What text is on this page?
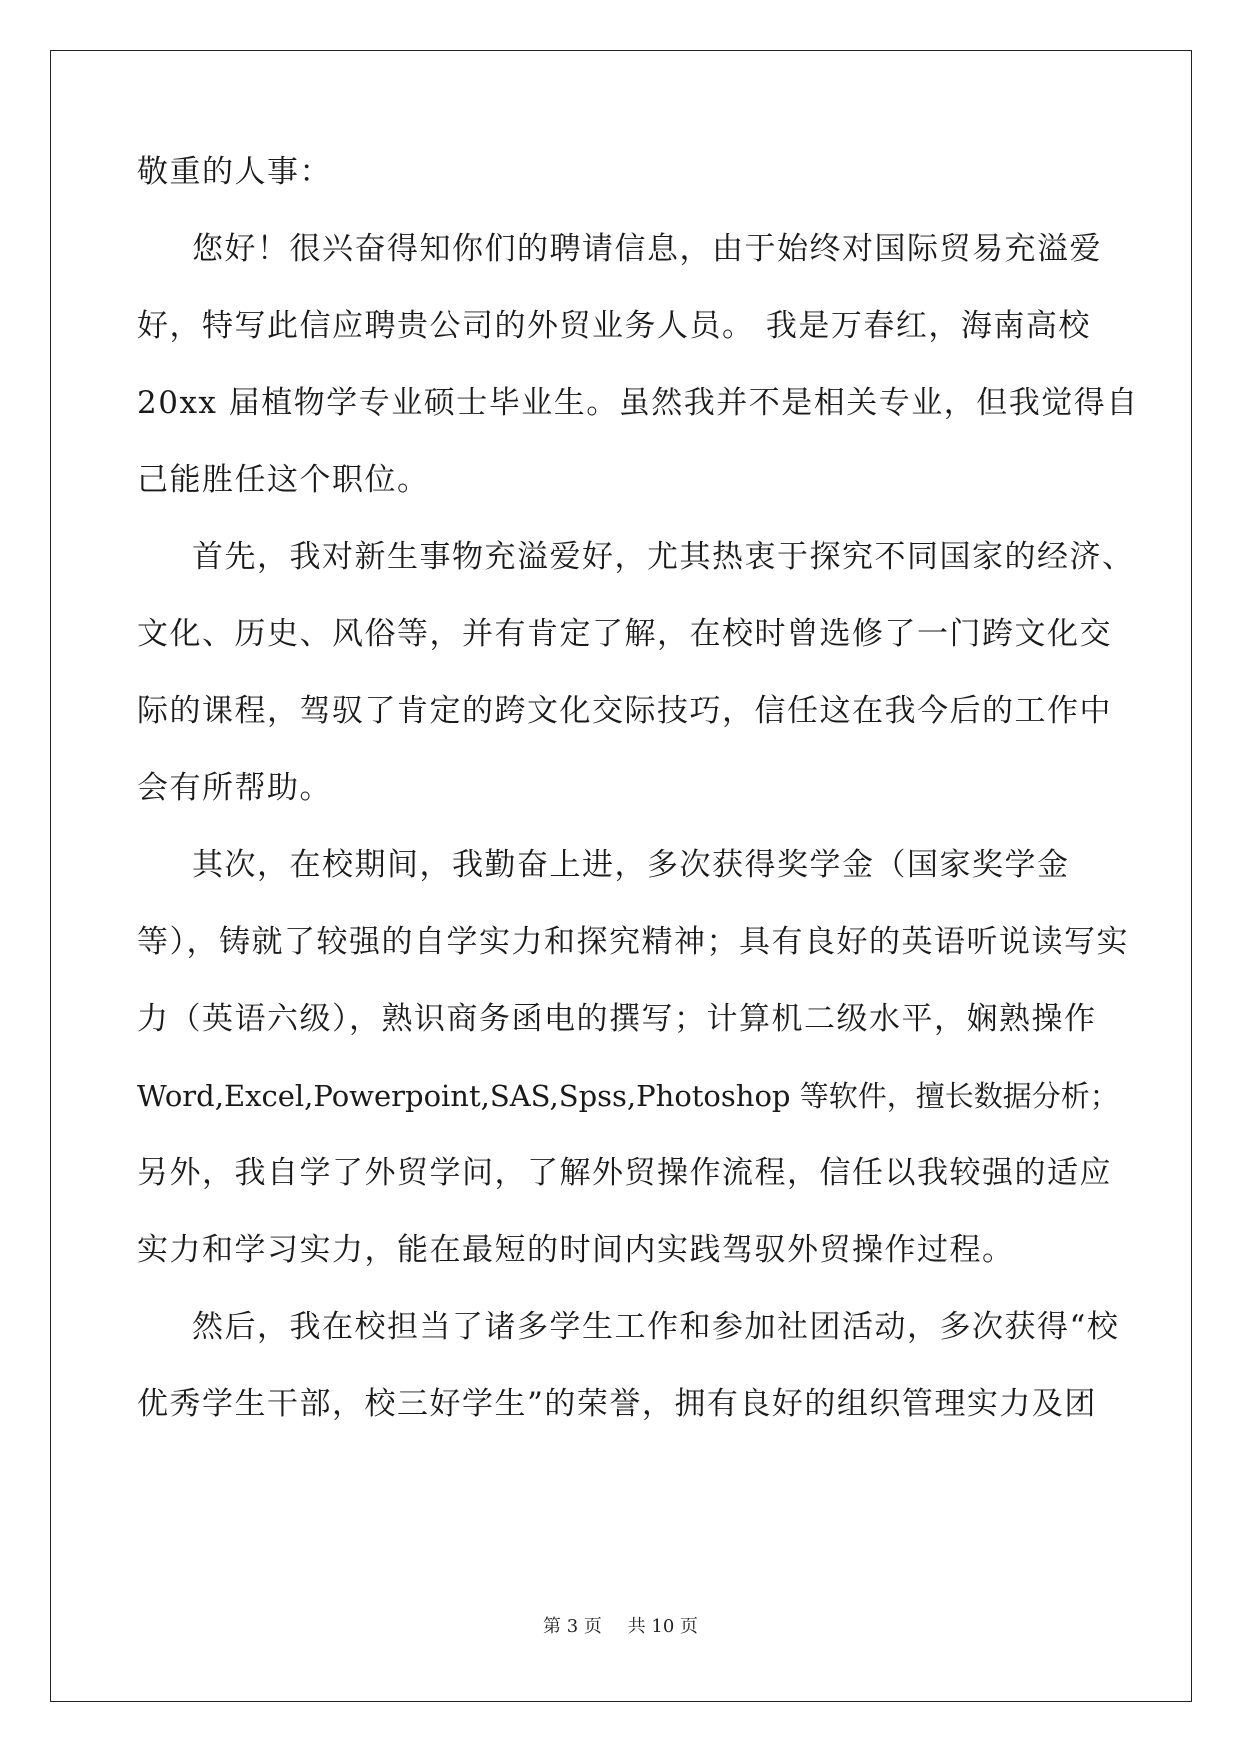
敬重的人事：
您好！很兴奋得知你们的聘请信息，由于始终对国际贸易充溢爱
好，特写此信应聘贵公司的外贸业务人员。 我是万春红，海南高校
20xx 届植物学专业硕士毕业生。虽然我并不是相关专业，但我觉得自
己能胜任这个职位。
首先，我对新生事物充溢爱好，尤其热衷于探究不同国家的经济、
文化、历史、风俗等，并有肯定了解，在校时曾选修了一门跨文化交
际的课程，驾驭了肯定的跨文化交际技巧，信任这在我今后的工作中
会有所帮助。
其次，在校期间，我勤奋上进，多次获得奖学金（国家奖学金
等），铸就了较强的自学实力和探究精神；具有良好的英语听说读写实
力（英语六级），熟识商务函电的撰写；计算机二级水平，娴熟操作
Word,Excel,Powerpoint,SAS,Spss,Photoshop 等软件，擅长数据分析；
另外，我自学了外贸学问，了解外贸操作流程，信任以我较强的适应
实力和学习实力，能在最短的时间内实践驾驭外贸操作过程。
然后，我在校担当了诸多学生工作和参加社团活动，多次获得“校
优秀学生干部，校三好学生”的荣誉，拥有良好的组织管理实力及团
第 3 页 共 10 页
